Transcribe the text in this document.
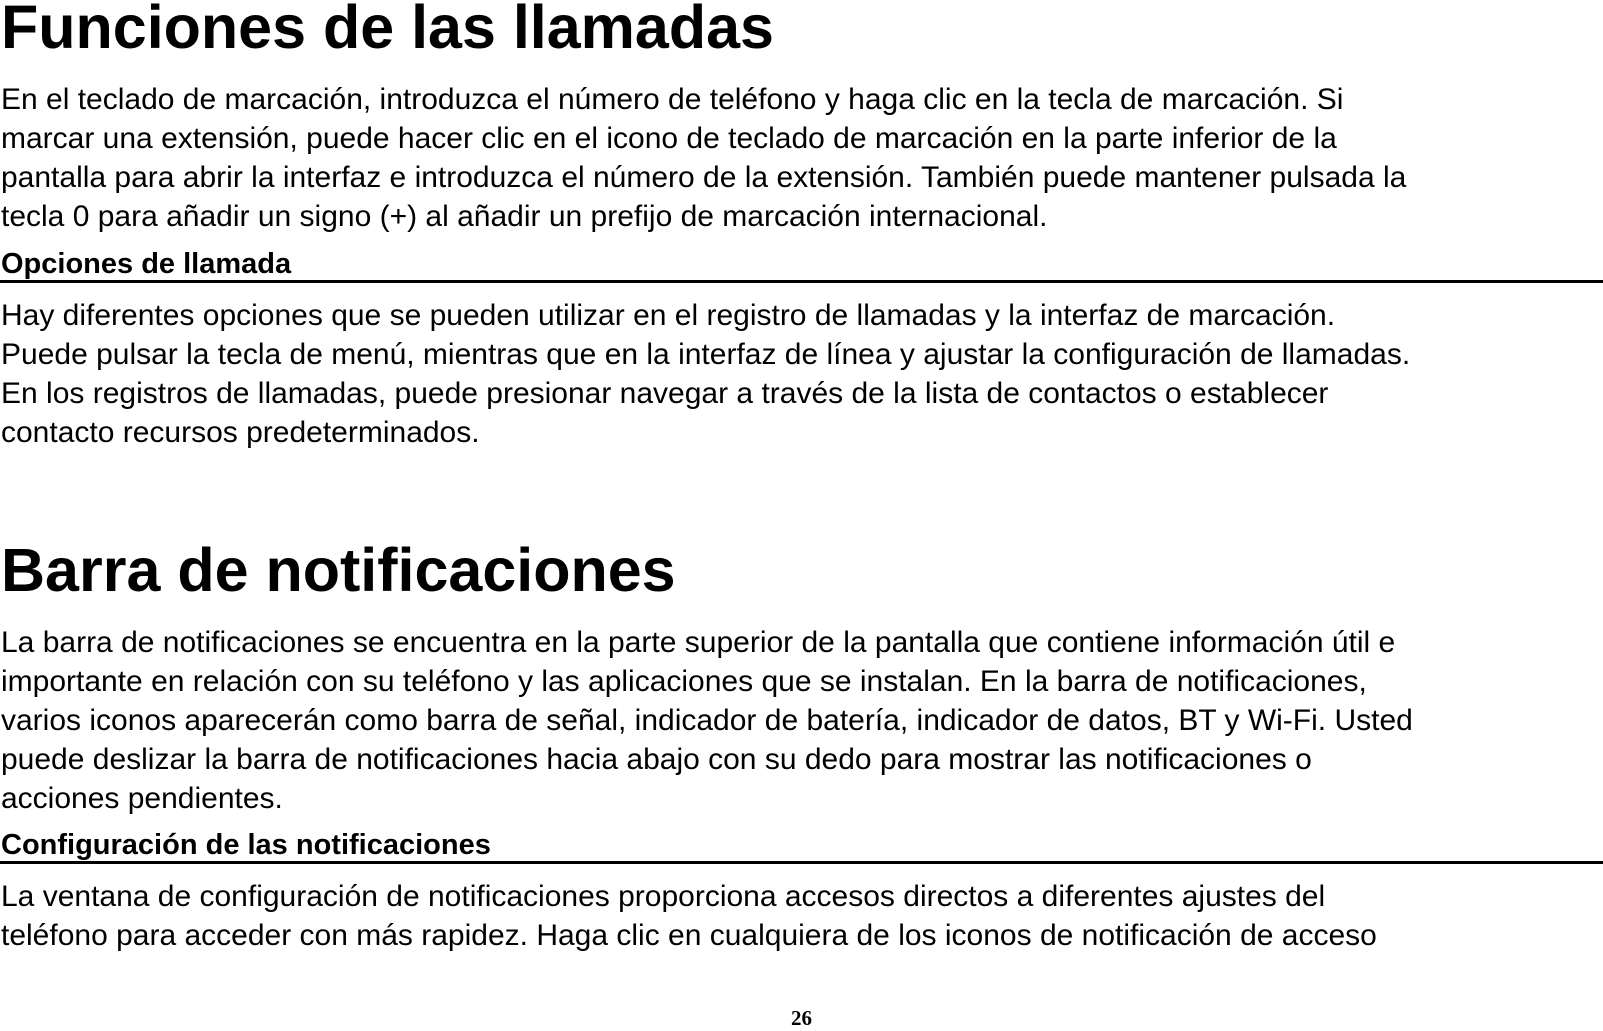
Funciones de las llamadas

En el teclado de marcación, introduzca el número de teléfono y haga clic en la tecla de marcación. Si
marcar una extensión, puede hacer clic en el icono de teclado de marcación en la parte inferior de la
pantalla para abrir la interfaz e introduzca el número de la extensión. También puede mantener pulsada la
tecla 0 para añadir un signo (+) al añadir un prefijo de marcación internacional.

Opciones de llamada

Hay diferentes opciones que se pueden utilizar en el registro de llamadas y la interfaz de marcación.
Puede pulsar la tecla de menú, mientras que en la interfaz de línea y ajustar la configuración de llamadas.
En los registros de llamadas, puede presionar navegar a través de la lista de contactos o establecer
contacto recursos predeterminados.

Barra de notificaciones

La barra de notificaciones se encuentra en la parte superior de la pantalla que contiene información útil e
importante en relación con su teléfono y las aplicaciones que se instalan. En la barra de notificaciones,
varios iconos aparecerán como barra de señal, indicador de batería, indicador de datos, BT y Wi-Fi. Usted
puede deslizar la barra de notificaciones hacia abajo con su dedo para mostrar las notificaciones o
acciones pendientes.

Configuración de las notificaciones

La ventana de configuración de notificaciones proporciona accesos directos a diferentes ajustes del
teléfono para acceder con más rapidez. Haga clic en cualquiera de los iconos de notificación de acceso

26
